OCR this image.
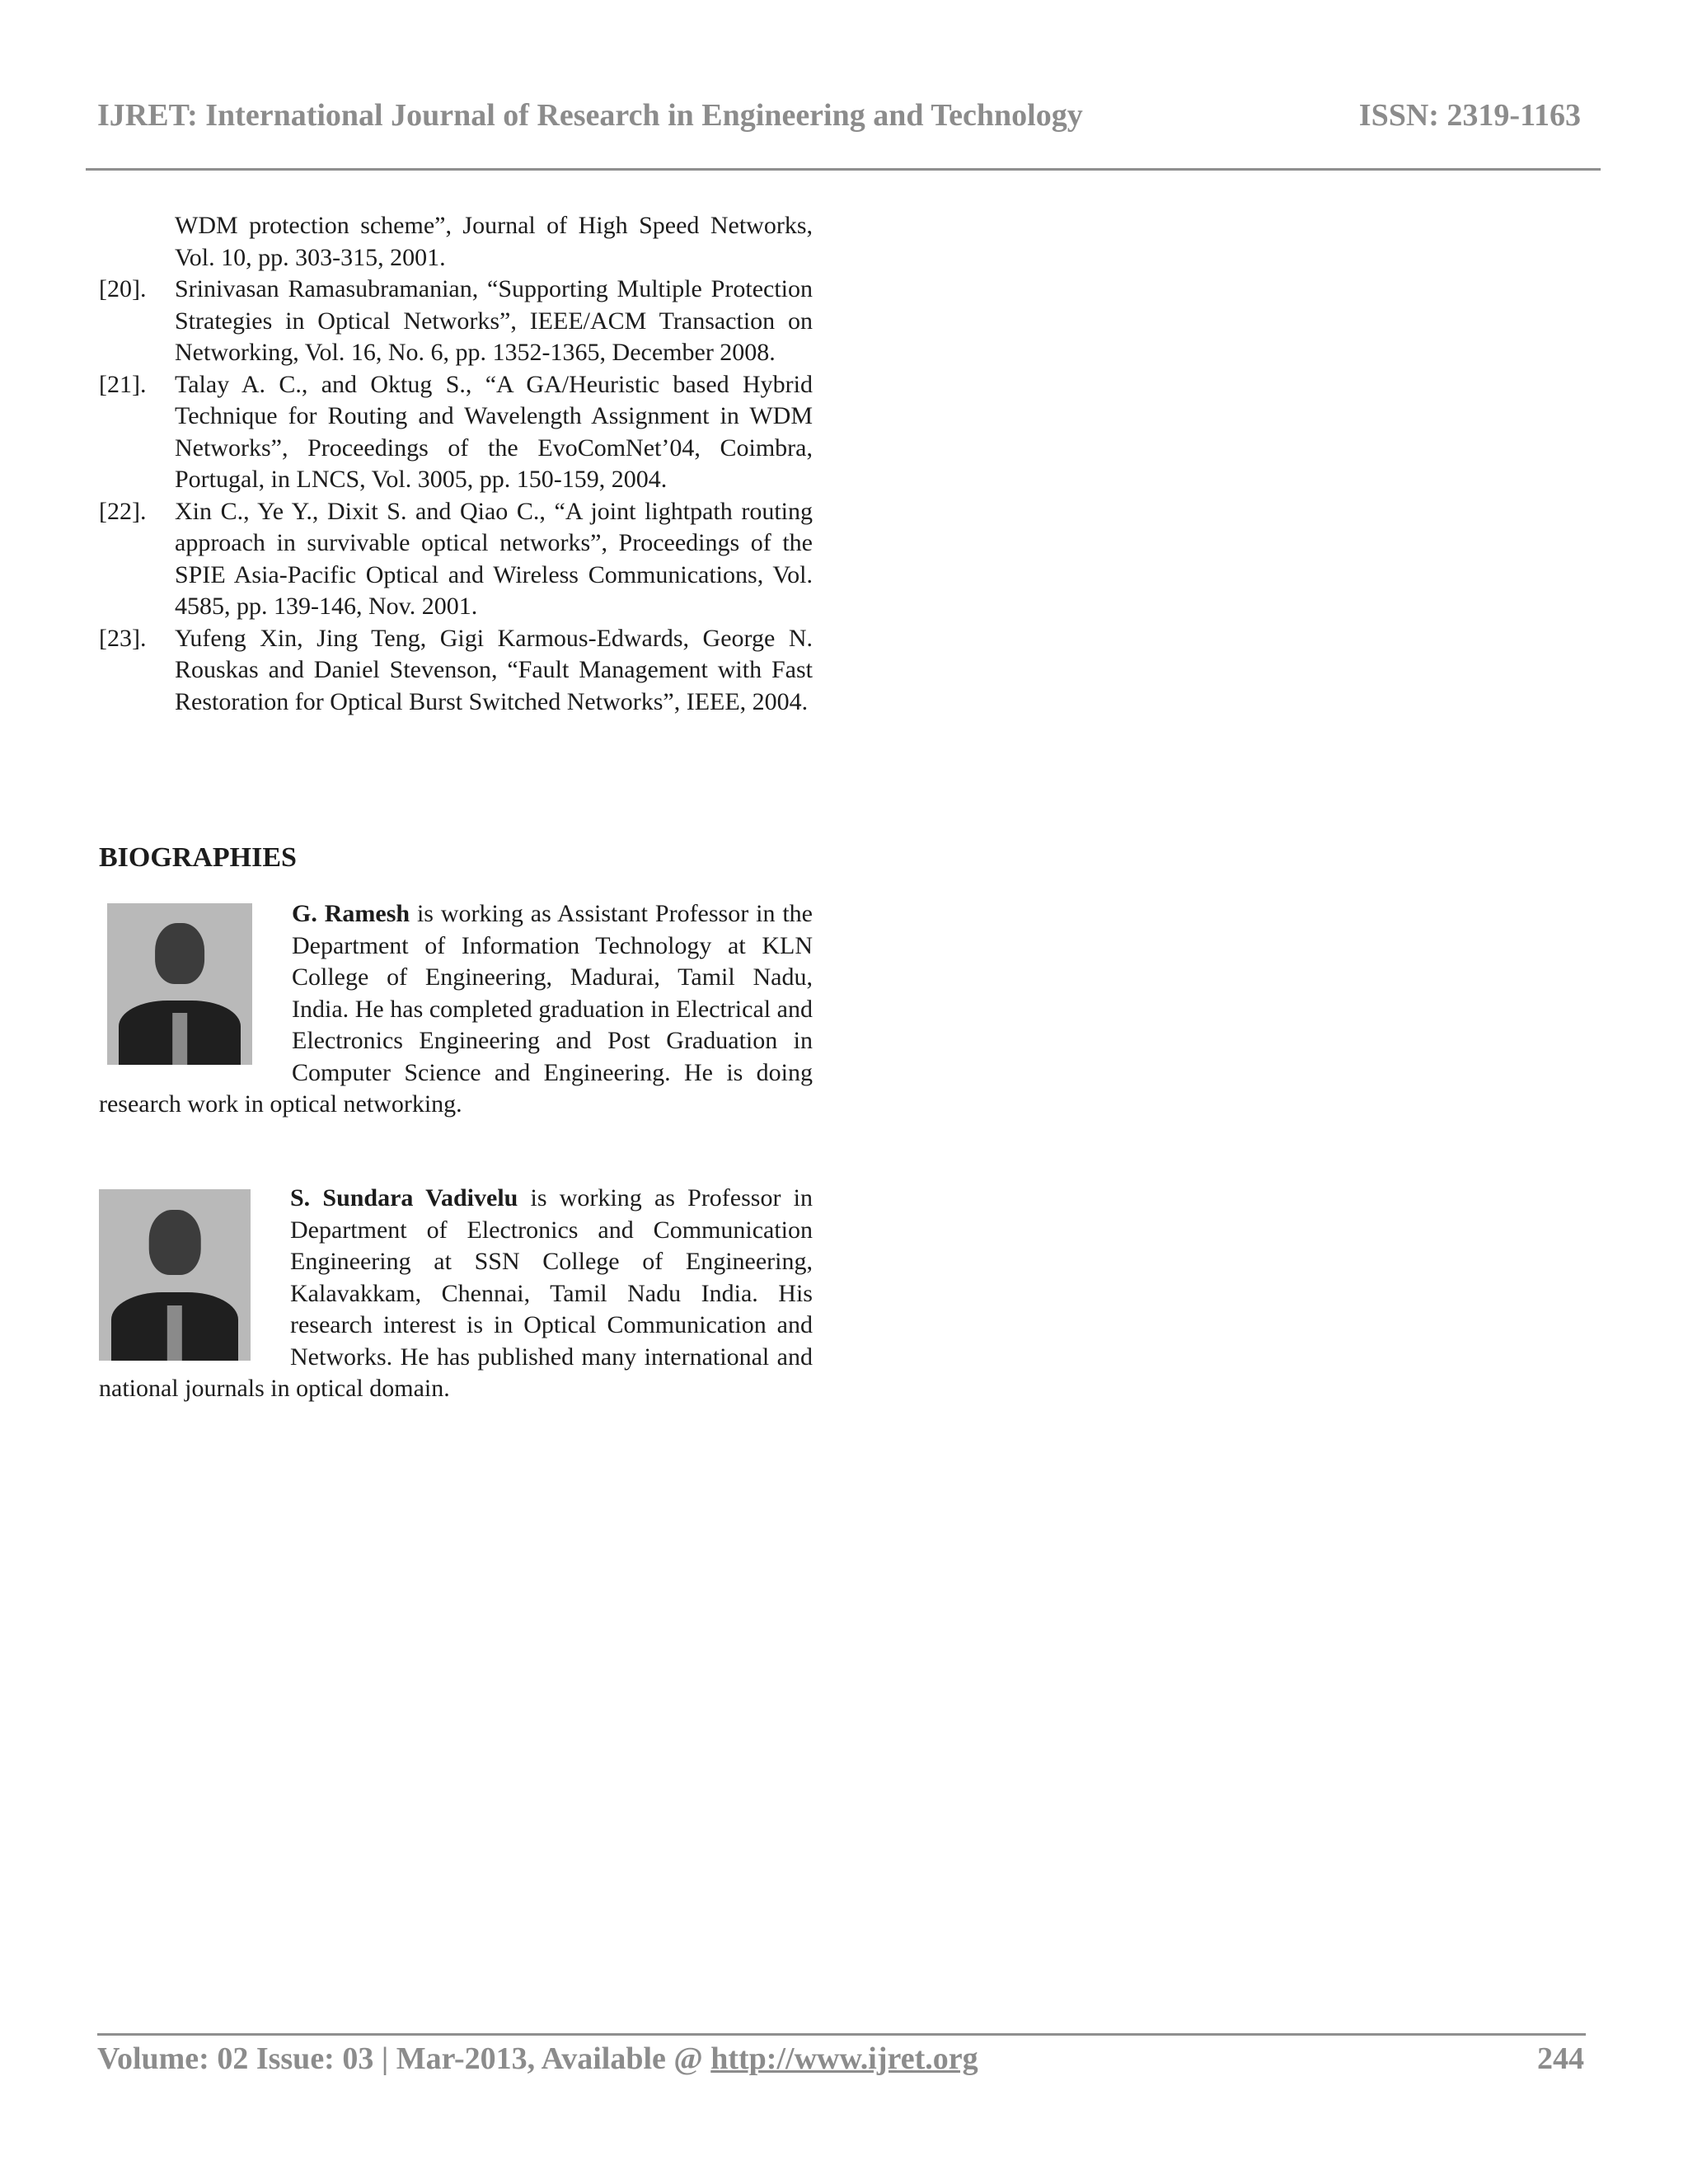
IJRET: International Journal of Research in Engineering and Technology	ISSN: 2319-1163

WDM protection scheme”, Journal of High Speed Networks, Vol. 10, pp. 303-315, 2001.

[20]. Srinivasan Ramasubramanian, “Supporting Multiple Protection Strategies in Optical Networks”, IEEE/ACM Transaction on Networking, Vol. 16, No. 6, pp. 1352-1365, December 2008.

[21]. Talay A. C., and Oktug S., “A GA/Heuristic based Hybrid Technique for Routing and Wavelength Assignment in WDM Networks”, Proceedings of the EvoComNet’04, Coimbra, Portugal, in LNCS, Vol. 3005, pp. 150-159, 2004.

[22]. Xin C., Ye Y., Dixit S. and Qiao C., “A joint lightpath routing approach in survivable optical networks”, Proceedings of the SPIE Asia-Pacific Optical and Wireless Communications, Vol. 4585, pp. 139-146, Nov. 2001.

[23]. Yufeng Xin, Jing Teng, Gigi Karmous-Edwards, George N. Rouskas and Daniel Stevenson, “Fault Management with Fast Restoration for Optical Burst Switched Networks”, IEEE, 2004.

BIOGRAPHIES
G. Ramesh is working as Assistant Professor in the Department of Information Technology at KLN College of Engineering, Madurai, Tamil Nadu, India. He has completed graduation in Electrical and Electronics Engineering and Post Graduation in Computer Science and Engineering. He is doing research work in optical networking.
S. Sundara Vadivelu is working as Professor in Department of Electronics and Communication Engineering at SSN College of Engineering, Kalavakkam, Chennai, Tamil Nadu India. His research interest is in Optical Communication and Networks. He has published many international and national journals in optical domain.
Volume: 02 Issue: 03 | Mar-2013, Available @ http://www.ijret.org	244
